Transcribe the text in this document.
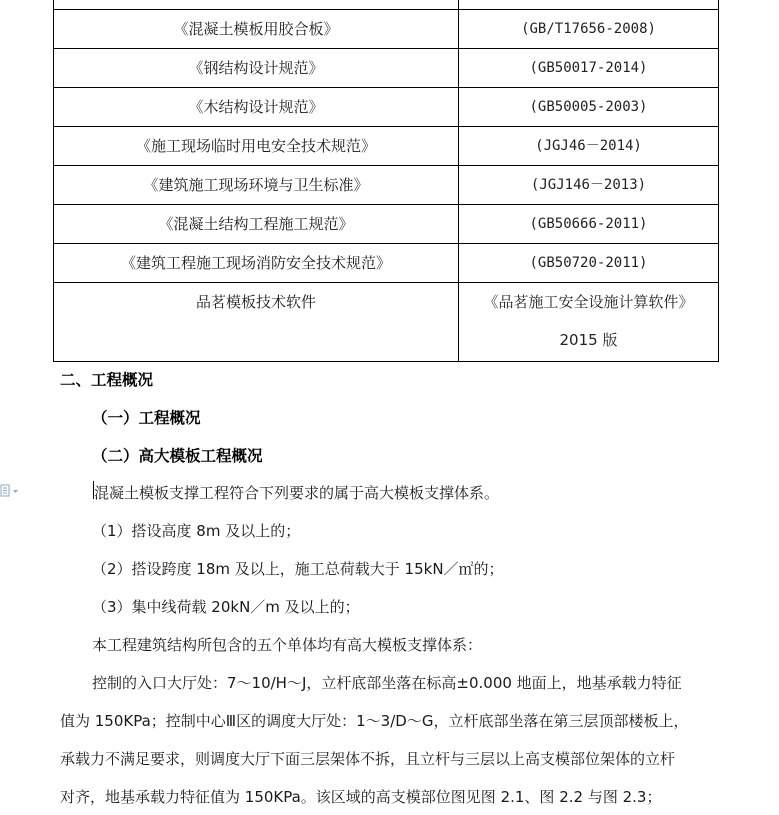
《混凝土模板用胶合板》	(GB/T17656-2008)
《钢结构设计规范》	(GB50017-2014)
《木结构设计规范》	(GB50005-2003)
《施工现场临时用电安全技术规范》	(JGJ46－2014)
《建筑施工现场环境与卫生标准》	(JGJ146－2013)
《混凝土结构工程施工规范》	(GB50666-2011)
《建筑工程施工现场消防安全技术规范》	(GB50720-2011)

品茗模板技术软件	《品茗施工安全设施计算软件》
2015 版
二、工程概况
（一）工程概况
（二）高大模板工程概况
混凝土模板支撑工程符合下列要求的属于高大模板支撑体系。
（1）搭设高度 8m 及以上的；
（2）搭设跨度 18m 及以上，施工总荷载大于 15kN／㎡的；
（3）集中线荷载 20kN／m 及以上的；
本工程建筑结构所包含的五个单体均有高大模板支撑体系：
控制的入口大厅处：7～10/H～J，立杆底部坐落在标高±0.000 地面上，地基承载力特征
值为 150KPa；控制中心Ⅲ区的调度大厅处：1～3/D～G，立杆底部坐落在第三层顶部楼板上，
承载力不满足要求，则调度大厅下面三层架体不拆，且立杆与三层以上高支模部位架体的立杆
对齐，地基承载力特征值为 150KPa。该区域的高支模部位图见图 2.1、图 2.2 与图 2.3；
